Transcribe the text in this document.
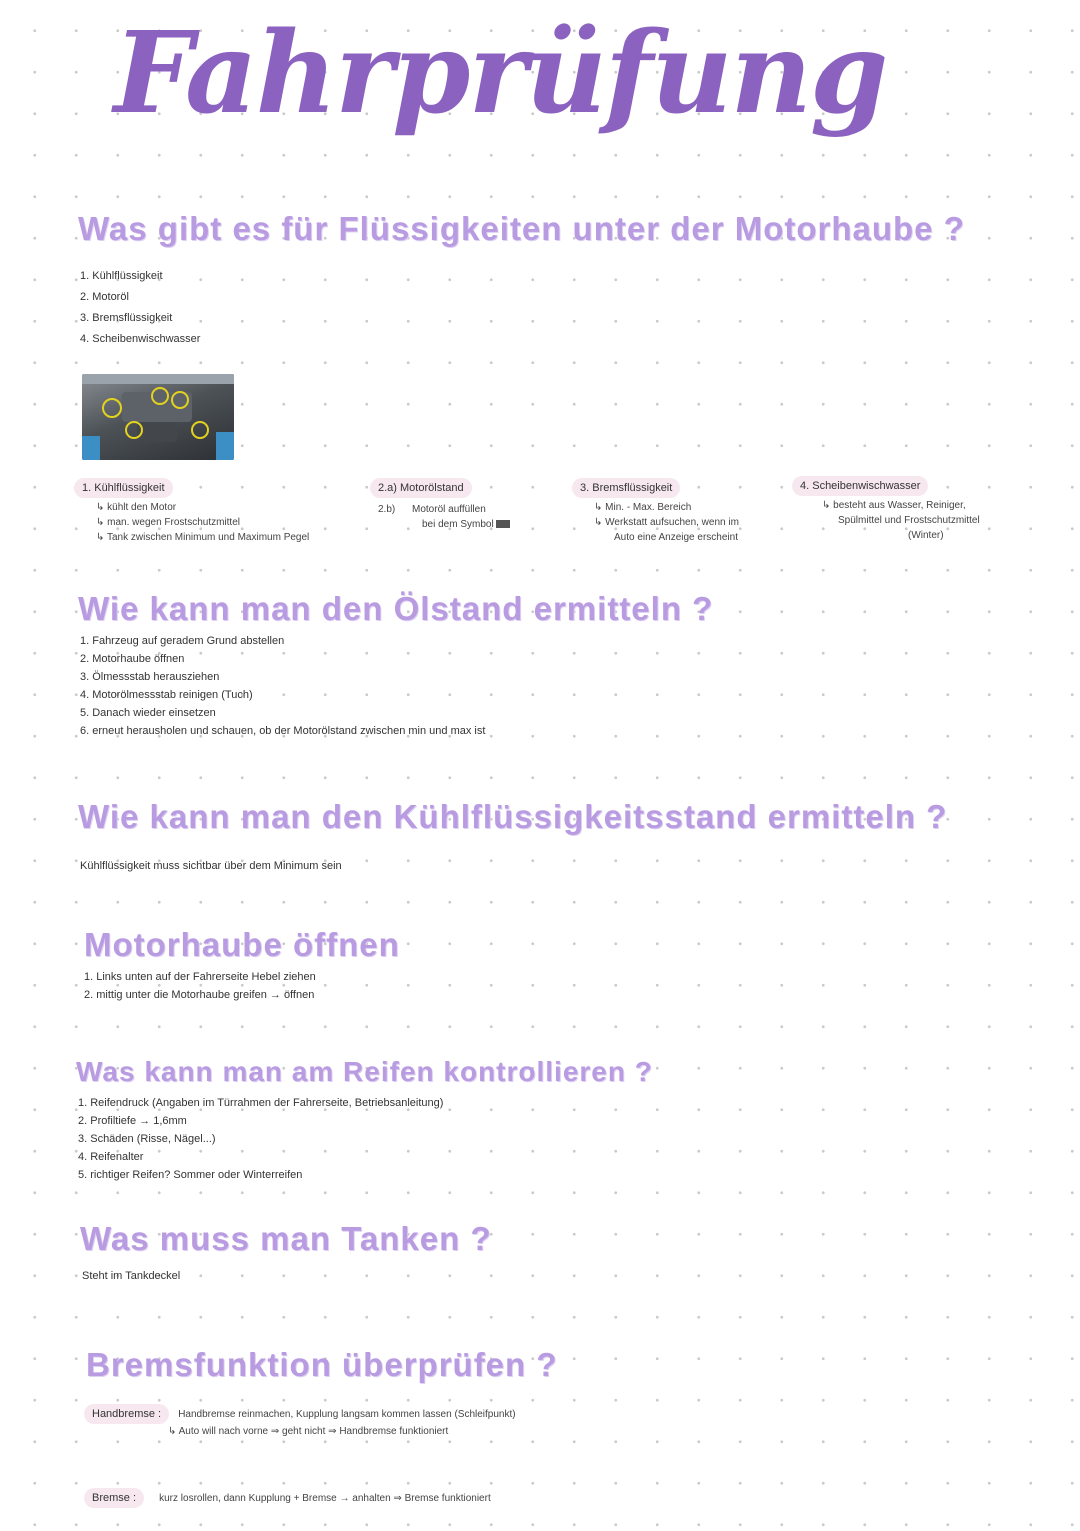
Fahrprüfung
Was gibt es für Flüssigkeiten unter der Motorhaube ?
1. Kühlflüssigkeit
2. Motoröl
3. Bremsflüssigkeit
4. Scheibenwischwasser
1. Kühlflüssigkeit
↳ kühlt den Motor
↳ man. wegen Frostschutzmittel
↳ Tank zwischen Minimum und Maximum Pegel
2.a) Motorölstand
2.b) Motoröl auffüllen
bei dem Symbol
3. Bremsflüssigkeit
↳ Min. - Max. Bereich
↳ Werkstatt aufsuchen, wenn im
Auto eine Anzeige erscheint
4. Scheibenwischwasser
↳ besteht aus Wasser, Reiniger,
Spülmittel und Frostschutzmittel
(Winter)
Wie kann man den Ölstand ermitteln ?
1. Fahrzeug auf geradem Grund abstellen
2. Motorhaube öffnen
3. Ölmessstab herausziehen
4. Motorölmessstab reinigen (Tuch)
5. Danach wieder einsetzen
6. erneut herausholen und schauen, ob der Motorölstand zwischen min und max ist
Wie kann man den Kühlflüssigkeitsstand ermitteln ?
Kühlflüssigkeit muss sichtbar über dem Minimum sein
Motorhaube öffnen
1. Links unten auf der Fahrerseite Hebel ziehen
2. mittig unter die Motorhaube greifen → öffnen
Was kann man am Reifen kontrollieren ?
1. Reifendruck (Angaben im Türrahmen der Fahrerseite, Betriebsanleitung)
2. Profiltiefe → 1,6mm
3. Schäden (Risse, Nägel...)
4. Reifenalter
5. richtiger Reifen? Sommer oder Winterreifen
Was muss man Tanken ?
Steht im Tankdeckel
Bremsfunktion überprüfen ?
Handbremse : Handbremse reinmachen, Kupplung langsam kommen lassen (Schleifpunkt)
↳ Auto will nach vorne ⇒ geht nicht ⇒ Handbremse funktioniert
Bremse : kurz losrollen, dann Kupplung + Bremse → anhalten ⇒ Bremse funktioniert
